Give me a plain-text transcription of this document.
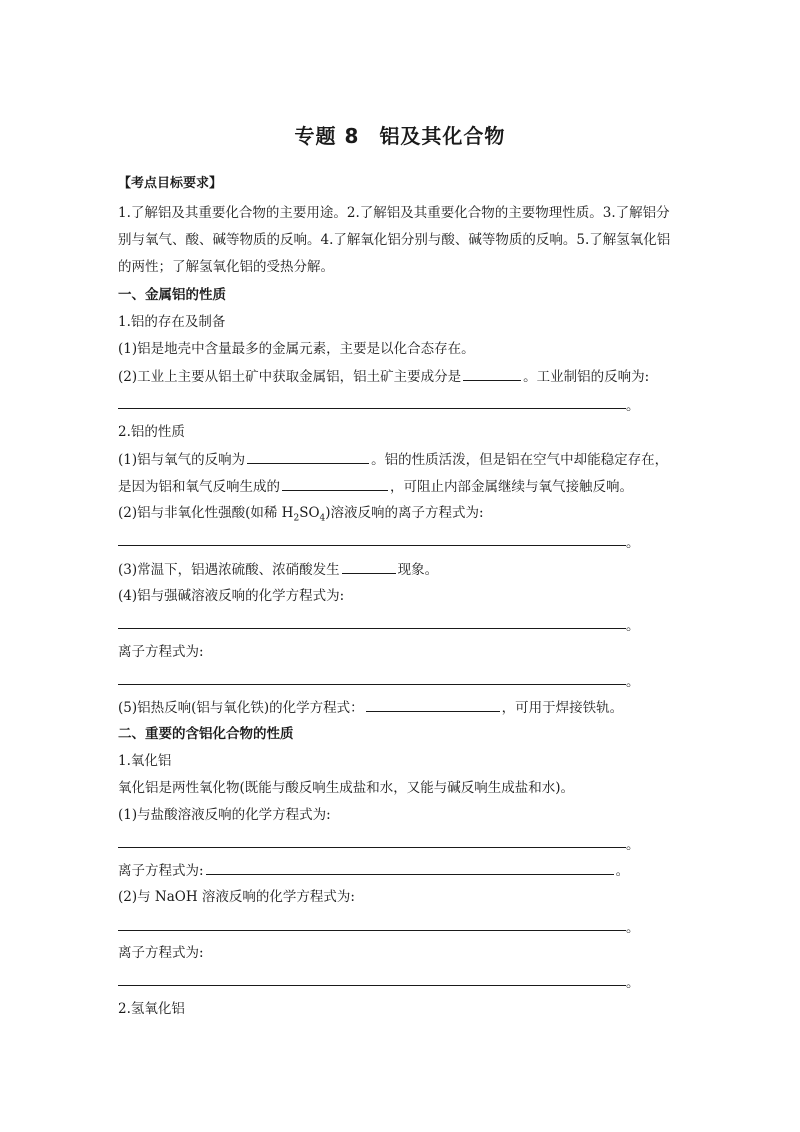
专题 8 铝及其化合物
【考点目标要求】
1.了解铝及其重要化合物的主要用途。2.了解铝及其重要化合物的主要物理性质。3.了解铝分
别与氧气、酸、碱等物质的反响。4.了解氧化铝分别与酸、碱等物质的反响。5.了解氢氧化铝
的两性；了解氢氧化铝的受热分解。
一、金属铝的性质
1.铝的存在及制备
(1)铝是地壳中含量最多的金属元素，主要是以化合态存在。
(2)工业上主要从铝土矿中获取金属铝，铝土矿主要成分是	。工业制铝的反响为:
。
2.铝的性质
(1)铝与氧气的反响为	。铝的性质活泼，但是铝在空气中却能稳定存在，
是因为铝和氧气反响生成的	，可阻止内部金属继续与氧气接触反响。
(2)铝与非氧化性强酸(如稀 $H_2SO_4$)溶液反响的离子方程式为:
。
(3)常温下，铝遇浓硫酸、浓硝酸发生	现象。
(4)铝与强碱溶液反响的化学方程式为:
。
离子方程式为:
。
(5)铝热反响(铝与氧化铁)的化学方程式：	，可用于焊接铁轨。
二、重要的含铝化合物的性质
1.氧化铝
氧化铝是两性氧化物(既能与酸反响生成盐和水，又能与碱反响生成盐和水)。
(1)与盐酸溶液反响的化学方程式为:
。
离子方程式为:	。
(2)与 NaOH 溶液反响的化学方程式为:
。
离子方程式为:
。
2.氢氧化铝
